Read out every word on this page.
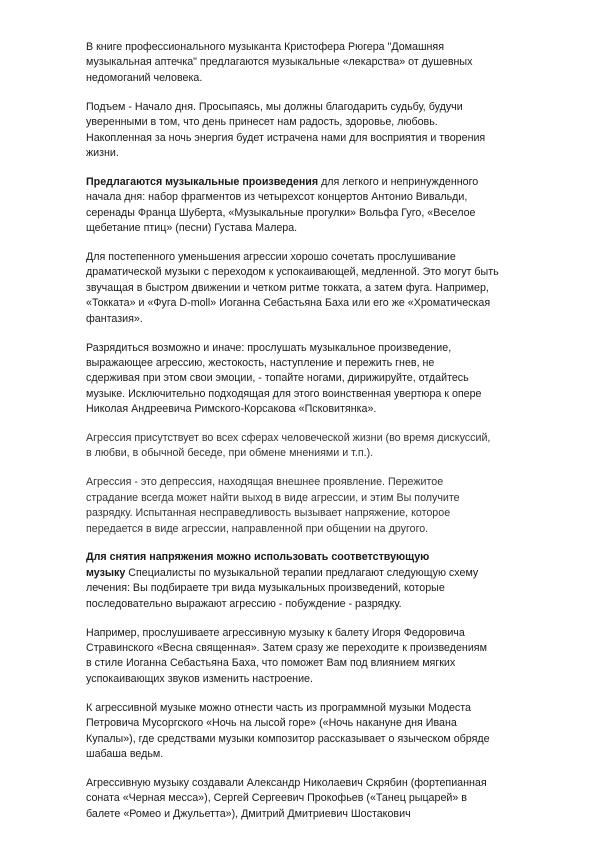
В книге профессионального музыканта Кристофера Рюгера "Домашняя
музыкальная аптечка" предлагаются музыкальные «лекарства» от душевных
недомоганий человека.

Подъем - Начало дня. Просыпаясь, мы должны благодарить судьбу, будучи
уверенными в том, что день принесет нам радость, здоровье, любовь.
Накопленная за ночь энергия будет истрачена нами для восприятия и творения
жизни.

Предлагаются музыкальные произведения для легкого и непринужденного
начала дня: набор фрагментов из четырехсот концертов Антонио Вивальди,
серенады Франца Шуберта, «Музыкальные прогулки» Вольфа Гуго, «Веселое
щебетание птиц» (песни) Густава Малера.

Для постепенного уменьшения агрессии хорошо сочетать прослушивание
драматической музыки с переходом к успокаивающей, медленной. Это могут быть
звучащая в быстром движении и четком ритме токката, а затем фуга. Например,
«Токката» и «Фуга D-moll» Иоганна Себастьяна Баха или его же «Хроматическая
фантазия».

Разрядиться возможно и иначе: прослушать музыкальное произведение,
выражающее агрессию, жестокость, наступление и пережить гнев, не
сдерживая при этом свои эмоции, - топайте ногами, дирижируйте, отдайтесь
музыке. Исключительно подходящая для этого воинственная увертюра к опере
Николая Андреевича Римского-Корсакова «Псковитянка».

Агрессия присутствует во всех сферах человеческой жизни (во время дискуссий,
в любви, в обычной беседе, при обмене мнениями и т.п.).

Агрессия - это депрессия, находящая внешнее проявление. Пережитое
страдание всегда может найти выход в виде агрессии, и этим Вы получите
разрядку. Испытанная несправедливость вызывает напряжение, которое
передается в виде агрессии, направленной при общении на другого.

Для снятия напряжения можно использовать соответствующую
музыку Специалисты по музыкальной терапии предлагают следующую схему
лечения: Вы подбираете три вида музыкальных произведений, которые
последовательно выражают агрессию - побуждение - разрядку.

Например, прослушиваете агрессивную музыку к балету Игоря Федоровича
Стравинского «Весна священная». Затем сразу же переходите к произведениям
в стиле Иоганна Себастьяна Баха, что поможет Вам под влиянием мягких
успокаивающих звуков изменить настроение.

К агрессивной музыке можно отнести часть из программной музыки Модеста
Петровича Мусоргского «Ночь на лысой горе» («Ночь накануне дня Ивана
Купалы»), где средствами музыки композитор рассказывает о языческом обряде
шабаша ведьм.

Агрессивную музыку создавали Александр Николаевич Скрябин (фортепианная
соната «Черная месса»), Сергей Сергеевич Прокофьев («Танец рыцарей» в
балете «Ромео и Джульетта»), Дмитрий Дмитриевич Шостакович
